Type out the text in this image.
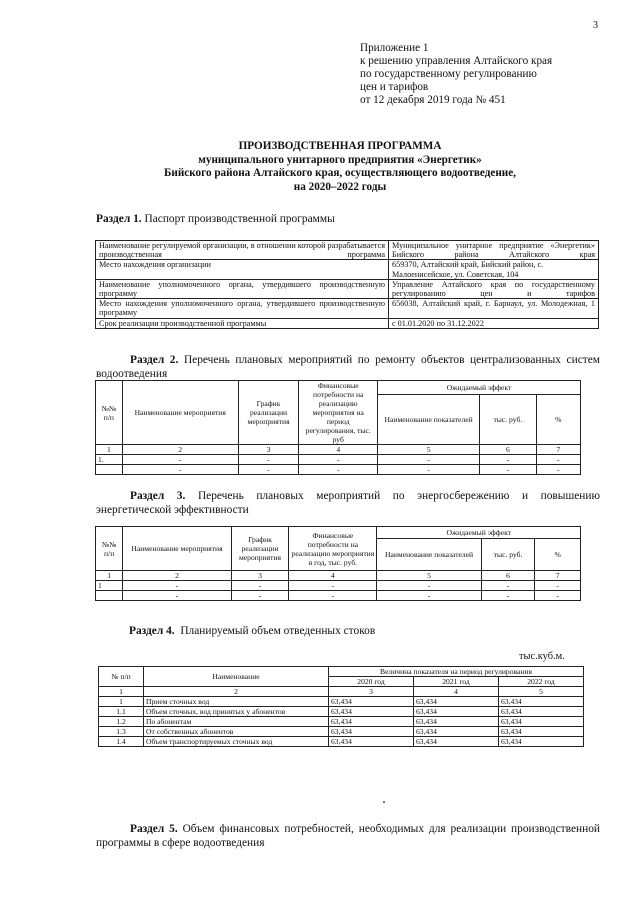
3
Приложение 1
к решению управления Алтайского края
по государственному регулированию
цен и тарифов
от 12 декабря 2019 года № 451
ПРОИЗВОДСТВЕННАЯ ПРОГРАММА
муниципального унитарного предприятия «Энергетик»
Бийского района Алтайского края, осуществляющего водоотведение,
на 2020–2022 годы
Раздел 1. Паспорт производственной программы
Наименование регулируемой организации, в отношении которой разрабатывается производственная программа	Муниципальное унитарное предприятие «Энергетик» Бийского района Алтайского края
Место нахождения организации	659370, Алтайский край, Бийский район, с. Малоенисейское, ул. Советская, 104
Наименование уполномоченного органа, утвердившего производственную программу	Управление Алтайского края по государственному регулированию цен и тарифов
Место нахождения уполномоченного органа, утвердившего производственную программу	656038, Алтайский край, г. Барнаул, ул. Молодежная, 1
Срок реализации производственной программы	с 01.01.2020 по 31.12.2022
Раздел 2. Перечень плановых мероприятий по ремонту объектов централизованных систем водоотведения
№№ п/п	Наименование мероприятия	График реализации мероприятия	Финансовые потребности на реализацию мероприятия на период регулирования, тыс. руб	Ожидаемый эффект		
				Наименование показателей	тыс. руб.	%
1	2	3	4	5	6	7
1.	-	-	-	-	-	-
	-	-	-	-	-	-
Раздел 3. Перечень плановых мероприятий по энергосбережению и повышению энергетической эффективности
№№ п/п	Наименование мероприятия	График реализации мероприятия	Финансовые потребности на реализацию мероприятия в год, тыс. руб.	Ожидаемый эффект		
				Наименование показателей	тыс. руб.	%
1	2	3	4	5	6	7
1	-	-	-	-	-	-
	-	-	-	-	-	-
Раздел 4. Планируемый объем отведенных стоков
тыс.куб.м.
№ п/п	Наименование	Величина показателя на период регулирования		
		2020 год	2021 год	2022 год
1	2	3	4	5
1	Прием сточных вод	63,434	63,434	63,434
1.1	Объем сточных, вод принятых у абонентов	63,434	63,434	63,434
1.2	По абонентам	63,434	63,434	63,434
1.3	От собственных абонентов	63,434	63,434	63,434
1.4	Объем транспортируемых сточных вод	63,434	63,434	63,434
Раздел 5. Объем финансовых потребностей, необходимых для реализации производственной программы в сфере водоотведения
